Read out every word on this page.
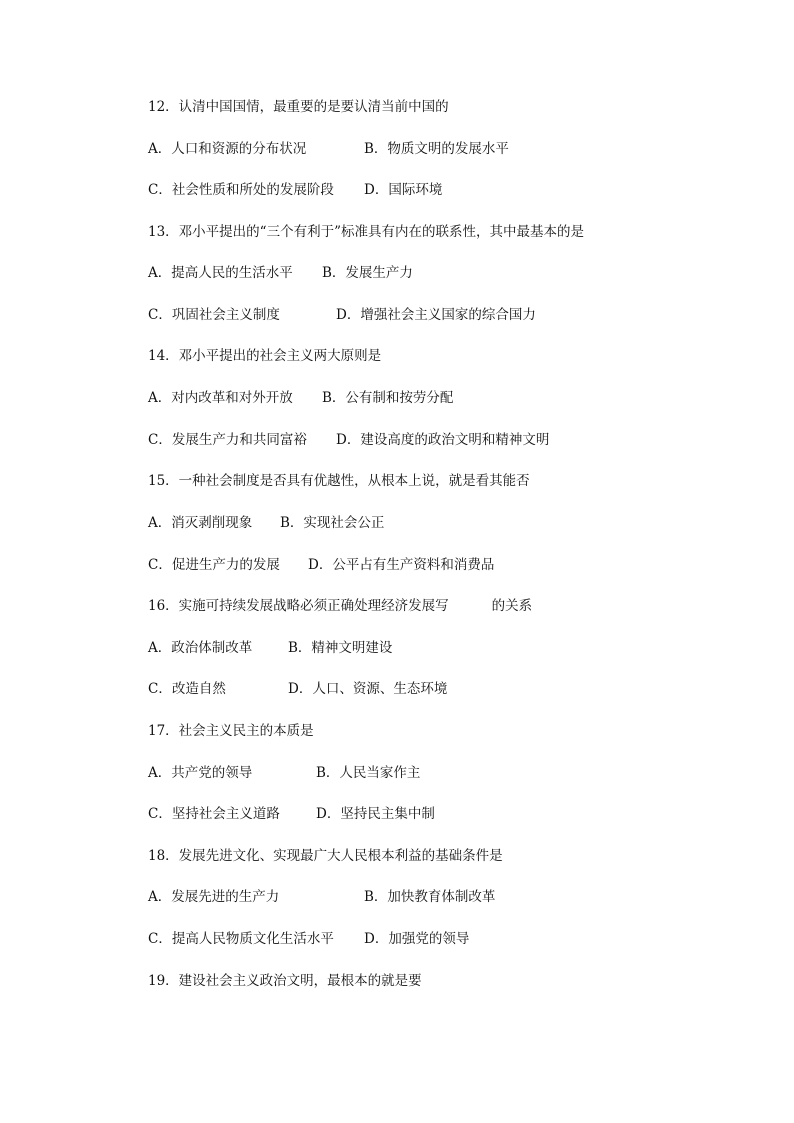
12．认清中国国情，最重要的是要认清当前中国的
A．人口和资源的分布状况	B．物质文明的发展水平
C．社会性质和所处的发展阶段 D．国际环境
13．邓小平提出的“三个有利于”标准具有内在的联系性，其中最基本的是
A．提高人民的生活水平 B．发展生产力
C．巩固社会主义制度	D．增强社会主义国家的综合国力
14．邓小平提出的社会主义两大原则是
A．对内改革和对外开放 B．公有制和按劳分配
C．发展生产力和共同富裕 D．建设高度的政治文明和精神文明
15．一种社会制度是否具有优越性，从根本上说，就是看其能否
A．消灭剥削现象 B．实现社会公正
C．促进生产力的发展 D．公平占有生产资料和消费品
16．实施可持续发展战略必须正确处理经济发展写          的关系
A．政治体制改革	B．精神文明建设
C．改造自然	D．人口、资源、生态环境
17．社会主义民主的本质是
A．共产党的领导	B．人民当家作主
C．坚持社会主义道路	D．坚持民主集中制
18．发展先进文化、实现最广大人民根本利益的基础条件是
A．发展先进的生产力	B．加快教育体制改革
C．提高人民物质文化生活水平 D．加强党的领导
19．建设社会主义政治文明，最根本的就是要
